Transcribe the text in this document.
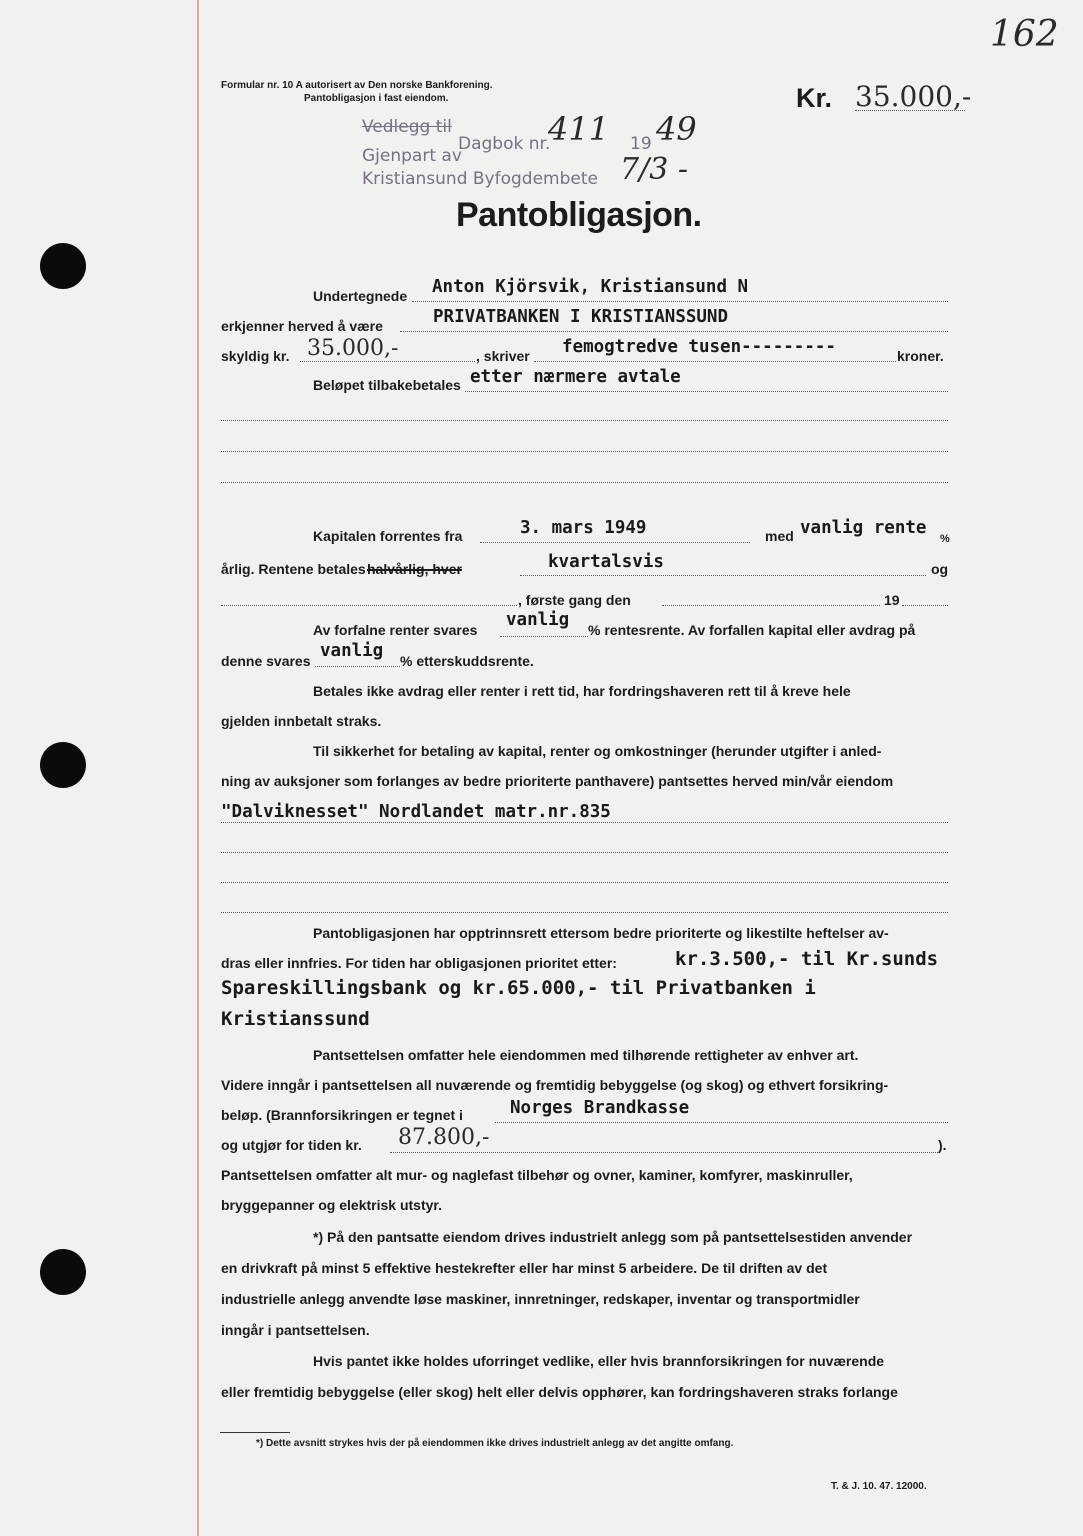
Formular nr. 10 A autorisert av Den norske Bankforening.
Pantobligasjon i fast eiendom.
162
Kr. 35.000,-
Vedlegg til
Dagbok nr.
411 19 49
Gjenpart av
Kristiansund Byfogdembete 7/3 -
Pantobligasjon.
Undertegnede Anton Kjörsvik, Kristiansund N
erkjenner herved å være	PRIVATBANKEN I KRISTIANSSUND
skyldig kr. 35.000,-	, skriver femogtredve tusen---------	kroner.
Beløpet tilbakebetales etter nærmere avtale
Kapitalen forrentes fra	3. mars 1949	med vanlig rente
%
årlig. Rentene betales halvårlig, hver	kvartalsvis	og
, første gang den	19
Av forfalne renter svares vanlig % rentesrente. Av forfallen kapital eller avdrag på
denne svares vanlig % etterskuddsrente.
Betales ikke avdrag eller renter i rett tid, har fordringshaveren rett til å kreve hele
gjelden innbetalt straks.
Til sikkerhet for betaling av kapital, renter og omkostninger (herunder utgifter i anled-
ning av auksjoner som forlanges av bedre prioriterte panthavere) pantsettes herved min/vår eiendom
"Dalviknesset" Nordlandet matr.nr.835
Pantobligasjonen har opptrinnsrett ettersom bedre prioriterte og likestilte heftelser av-
dras eller innfries. For tiden har obligasjonen prioritet etter:	kr.3.500,- til Kr.sunds
Spareskillingsbank og kr.65.000,- til Privatbanken i
Kristianssund
Pantsettelsen omfatter hele eiendommen med tilhørende rettigheter av enhver art.
Videre inngår i pantsettelsen all nuværende og fremtidig bebyggelse (og skog) og ethvert forsikring-
beløp. (Brannforsikringen er tegnet i	Norges Brandkasse
og utgjør for tiden kr. 87.800,-	).
Pantsettelsen omfatter alt mur- og naglefast tilbehør og ovner, kaminer, komfyrer, maskinruller,
bryggepanner og elektrisk utstyr.
*) På den pantsatte eiendom drives industrielt anlegg som på pantsettelsestiden anvender
en drivkraft på minst 5 effektive hestekrefter eller har minst 5 arbeidere. De til driften av det
industrielle anlegg anvendte løse maskiner, innretninger, redskaper, inventar og transportmidler
inngår i pantsettelsen.
Hvis pantet ikke holdes uforringet vedlike, eller hvis brannforsikringen for nuværende
eller fremtidig bebyggelse (eller skog) helt eller delvis opphører, kan fordringshaveren straks forlange
*) Dette avsnitt strykes hvis der på eiendommen ikke drives industrielt anlegg av det angitte omfang.
T. & J. 10. 47. 12000.
